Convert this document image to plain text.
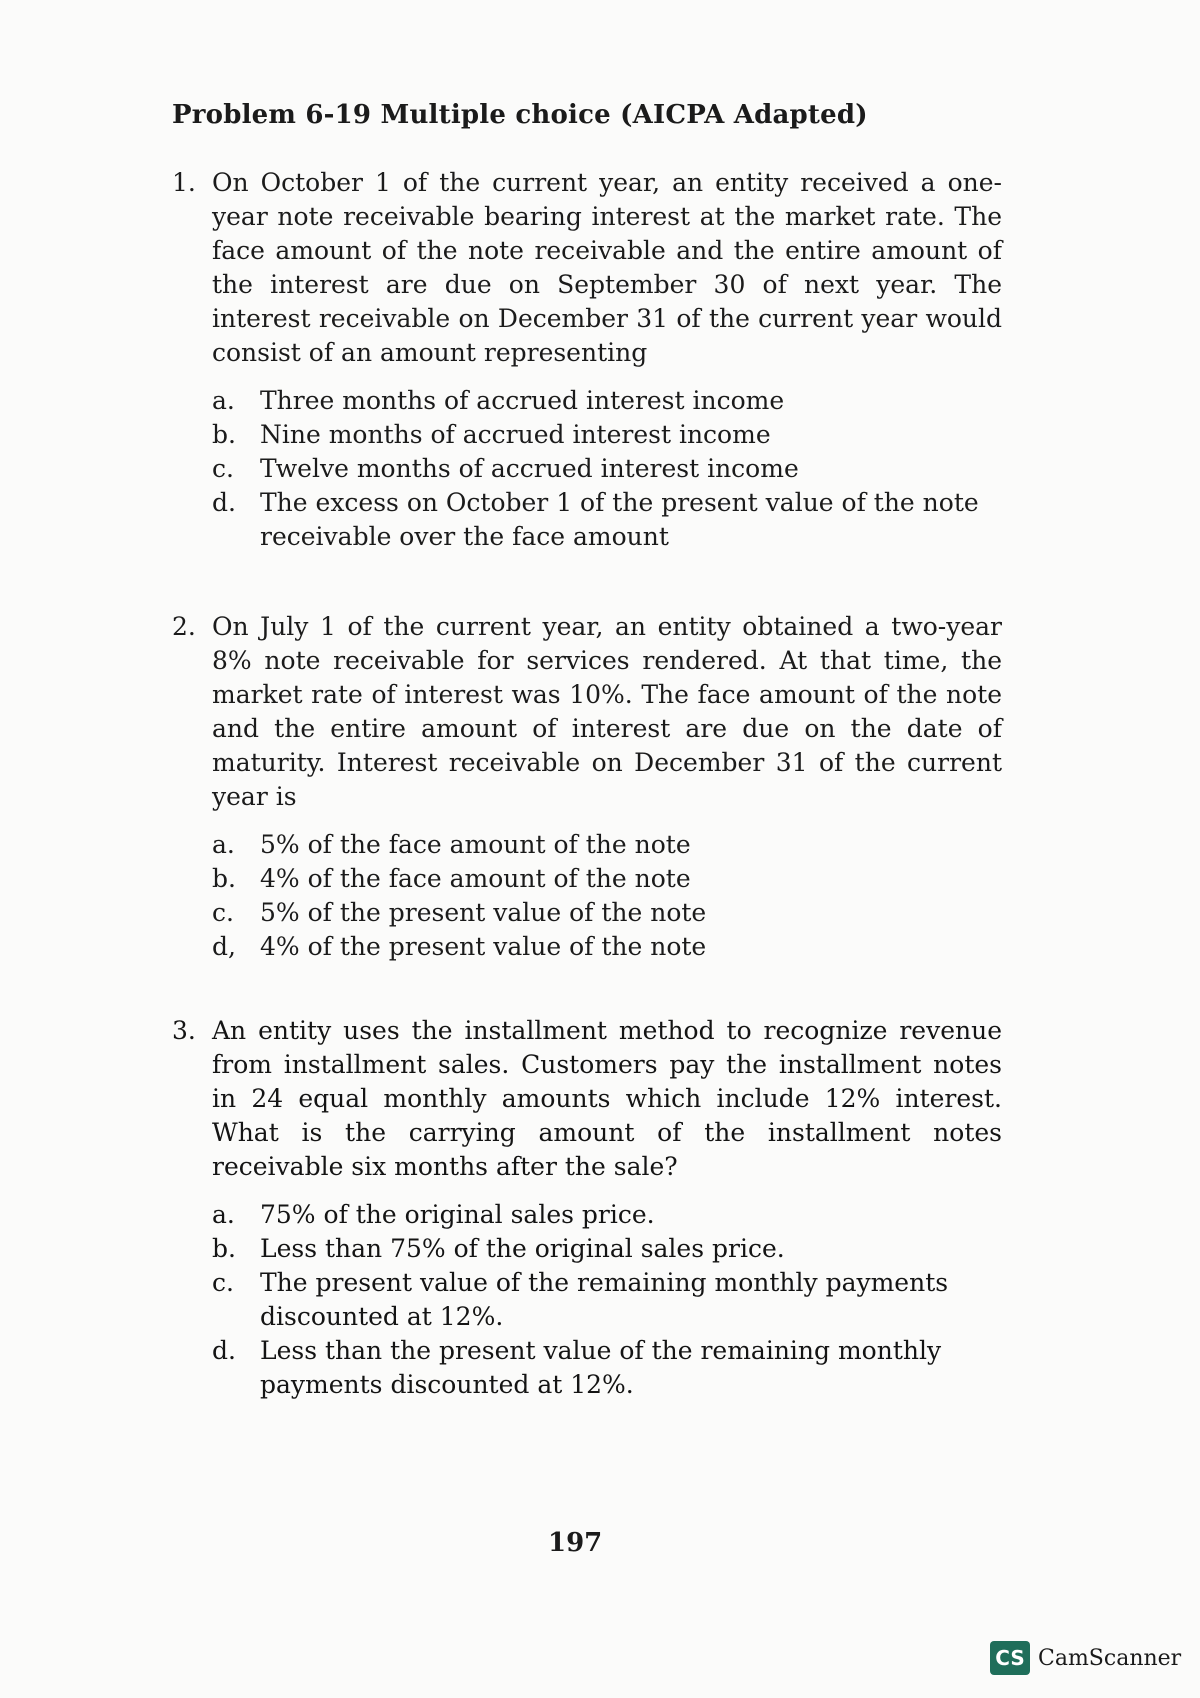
Problem 6-19 Multiple choice (AICPA Adapted)
1. On October 1 of the current year, an entity received a one-year note receivable bearing interest at the market rate. The face amount of the note receivable and the entire amount of the interest are due on September 30 of next year. The interest receivable on December 31 of the current year would consist of an amount representing
a.	Three months of accrued interest income
b. Nine months of accrued interest income
c.	Twelve months of accrued interest income
d. The excess on October 1 of the present value of the note receivable over the face amount
2. On July 1 of the current year, an entity obtained a two-year 8% note receivable for services rendered. At that time, the market rate of interest was 10%. The face amount of the note and the entire amount of interest are due on the date of maturity. Interest receivable on December 31 of the current year is
a.	5% of the face amount of the note
b. 4% of the face amount of the note
c.	5% of the present value of the note
d, 4% of the present value of the note
3. An entity uses the installment method to recognize revenue from installment sales. Customers pay the installment notes in 24 equal monthly amounts which include 12% interest. What is the carrying amount of the installment notes receivable six months after the sale?
a.	75% of the original sales price.
b. Less than 75% of the original sales price.
c.	The present value of the remaining monthly payments discounted at 12%.
d. Less than the present value of the remaining monthly payments discounted at 12%.
197
CS CamScanner
